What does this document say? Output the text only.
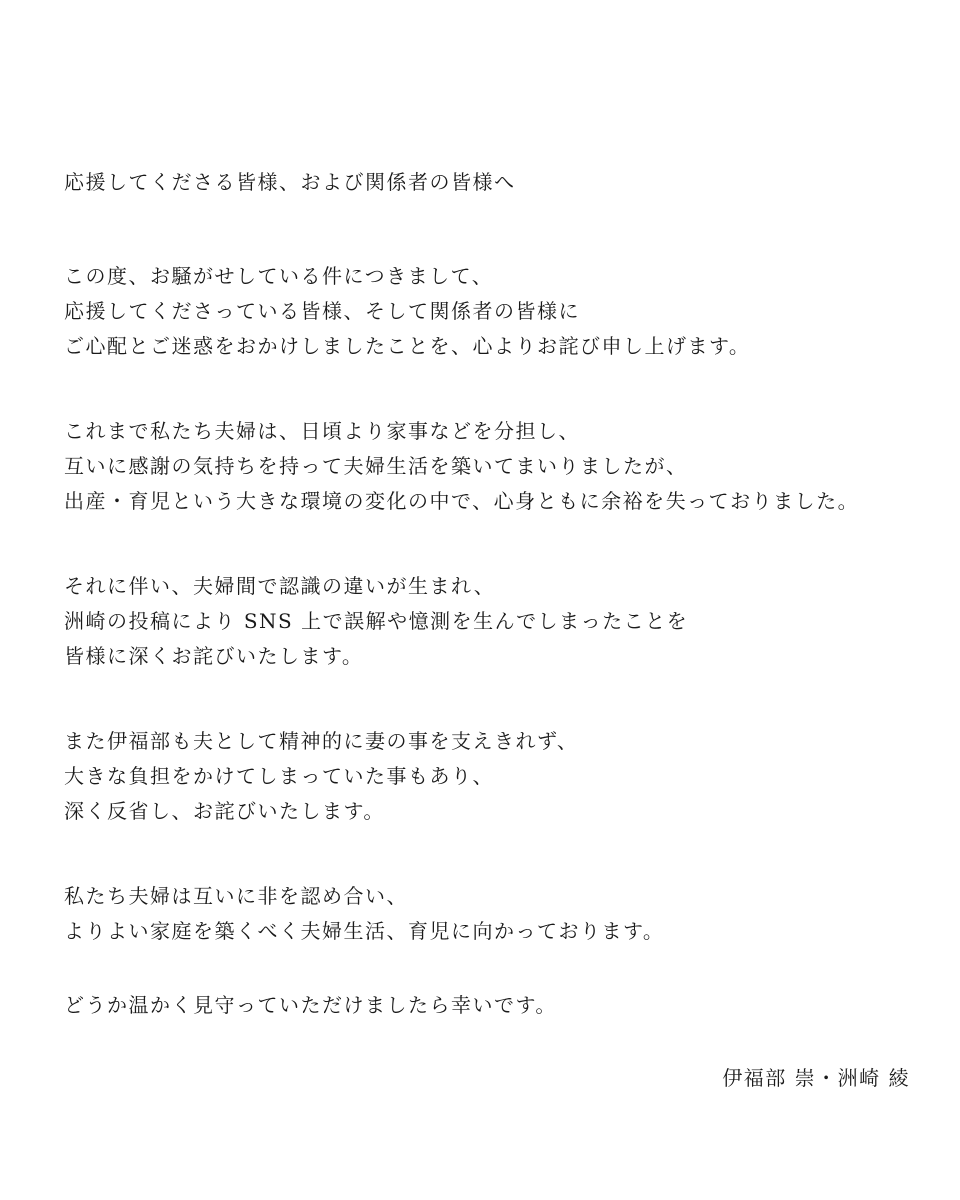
応援してくださる皆様、および関係者の皆様へ
この度、お騒がせしている件につきまして、
応援してくださっている皆様、そして関係者の皆様に
ご心配とご迷惑をおかけしましたことを、心よりお詫び申し上げます。
これまで私たち夫婦は、日頃より家事などを分担し、
互いに感謝の気持ちを持って夫婦生活を築いてまいりましたが、
出産・育児という大きな環境の変化の中で、心身ともに余裕を失っておりました。
それに伴い、夫婦間で認識の違いが生まれ、
洲崎の投稿により SNS 上で誤解や憶測を生んでしまったことを
皆様に深くお詫びいたします。
また伊福部も夫として精神的に妻の事を支えきれず、
大きな負担をかけてしまっていた事もあり、
深く反省し、お詫びいたします。
私たち夫婦は互いに非を認め合い、
よりよい家庭を築くべく夫婦生活、育児に向かっております。
どうか温かく見守っていただけましたら幸いです。
伊福部 崇・洲崎 綾
